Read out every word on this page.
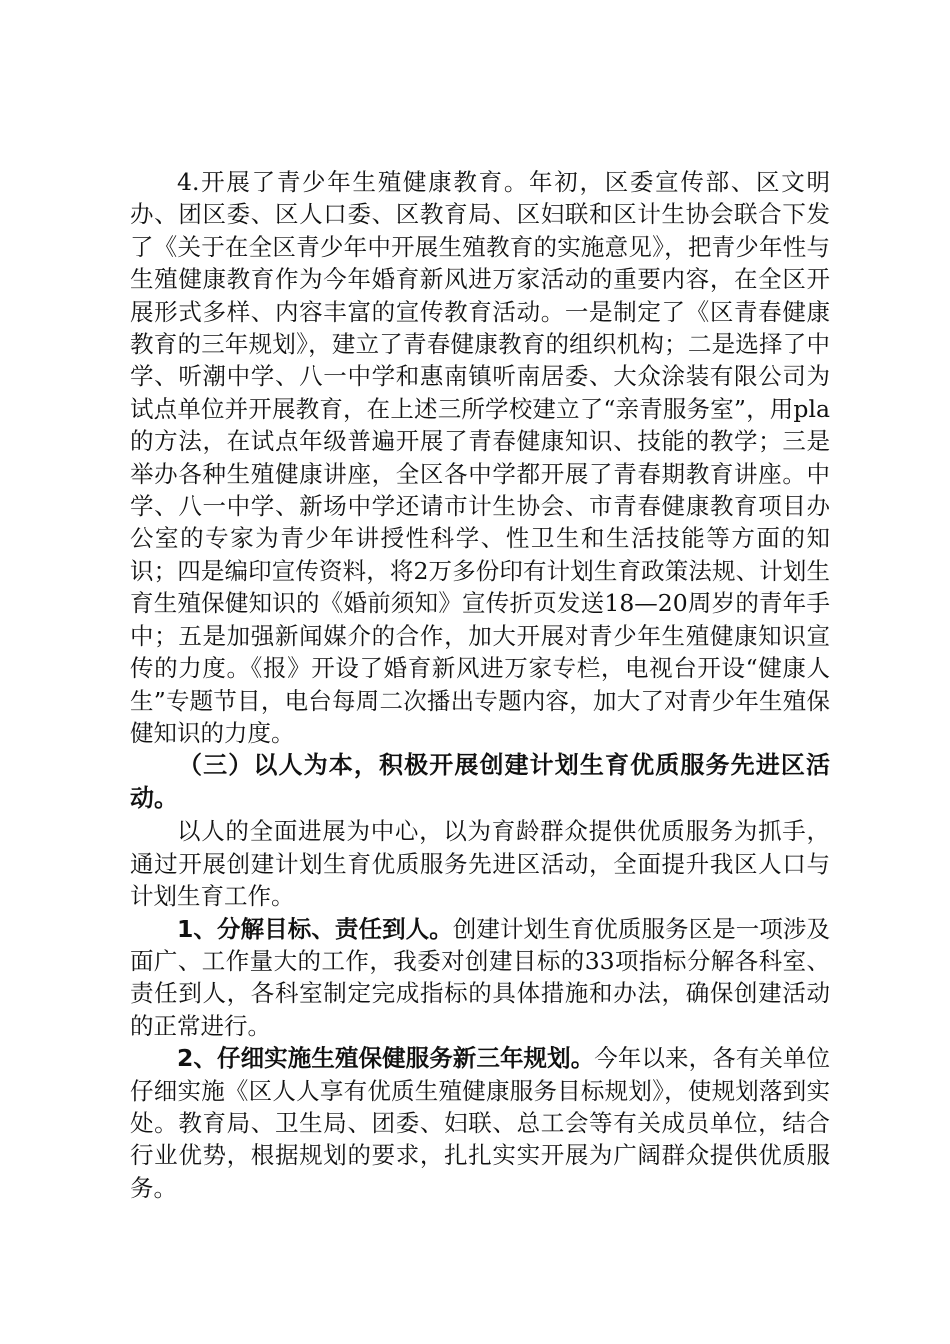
4.开展了青少年生殖健康教育。年初，区委宣传部、区文明办、团区委、区人口委、区教育局、区妇联和区计生协会联合下发了《关于在全区青少年中开展生殖教育的实施意见》，把青少年性与生殖健康教育作为今年婚育新风进万家活动的重要内容，在全区开展形式多样、内容丰富的宣传教育活动。一是制定了《区青春健康教育的三年规划》，建立了青春健康教育的组织机构；二是选择了中学、听潮中学、八一中学和惠南镇听南居委、大众涂装有限公司为试点单位并开展教育，在上述三所学校建立了“亲青服务室”，用pla的方法，在试点年级普遍开展了青春健康知识、技能的教学；三是举办各种生殖健康讲座，全区各中学都开展了青春期教育讲座。中学、八一中学、新场中学还请市计生协会、市青春健康教育项目办公室的专家为青少年讲授性科学、性卫生和生活技能等方面的知识；四是编印宣传资料，将2万多份印有计划生育政策法规、计划生育生殖保健知识的《婚前须知》宣传折页发送18—20周岁的青年手中；五是加强新闻媒介的合作，加大开展对青少年生殖健康知识宣传的力度。《报》开设了婚育新风进万家专栏，电视台开设“健康人生”专题节目，电台每周二次播出专题内容，加大了对青少年生殖保健知识的力度。

（三）以人为本，积极开展创建计划生育优质服务先进区活动。

以人的全面进展为中心，以为育龄群众提供优质服务为抓手，通过开展创建计划生育优质服务先进区活动，全面提升我区人口与计划生育工作。

1、分解目标、责任到人。创建计划生育优质服务区是一项涉及面广、工作量大的工作，我委对创建目标的33项指标分解各科室、责任到人，各科室制定完成指标的具体措施和办法，确保创建活动的正常进行。

2、仔细实施生殖保健服务新三年规划。今年以来，各有关单位仔细实施《区人人享有优质生殖健康服务目标规划》，使规划落到实处。教育局、卫生局、团委、妇联、总工会等有关成员单位，结合行业优势，根据规划的要求，扎扎实实开展为广阔群众提供优质服务。
